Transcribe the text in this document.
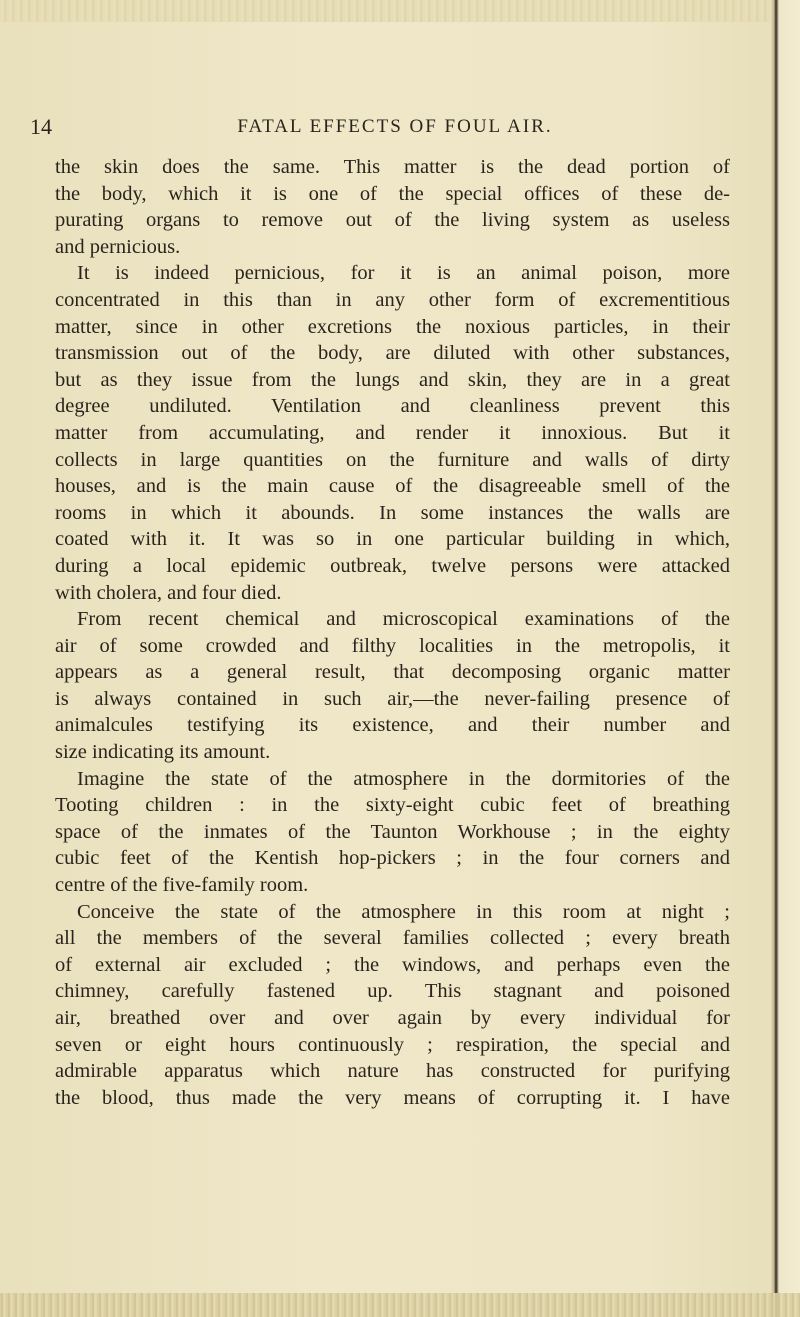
FATAL EFFECTS OF FOUL AIR.
14
the skin does the same. This matter is the dead portion of
the body, which it is one of the special offices of these de-
purating organs to remove out of the living system as useless
and pernicious.
It is indeed pernicious, for it is an animal poison, more
concentrated in this than in any other form of excrementitious
matter, since in other excretions the noxious particles, in their
transmission out of the body, are diluted with other substances,
but as they issue from the lungs and skin, they are in a great
degree undiluted. Ventilation and cleanliness prevent this
matter from accumulating, and render it innoxious. But it
collects in large quantities on the furniture and walls of dirty
houses, and is the main cause of the disagreeable smell of the
rooms in which it abounds. In some instances the walls are
coated with it. It was so in one particular building in which,
during a local epidemic outbreak, twelve persons were attacked
with cholera, and four died.
From recent chemical and microscopical examinations of the
air of some crowded and filthy localities in the metropolis, it
appears as a general result, that decomposing organic matter
is always contained in such air,—the never-failing presence of
animalcules testifying its existence, and their number and
size indicating its amount.
Imagine the state of the atmosphere in the dormitories of the
Tooting children : in the sixty-eight cubic feet of breathing
space of the inmates of the Taunton Workhouse ; in the eighty
cubic feet of the Kentish hop-pickers ; in the four corners and
centre of the five-family room.
Conceive the state of the atmosphere in this room at night ;
all the members of the several families collected ; every breath
of external air excluded ; the windows, and perhaps even the
chimney, carefully fastened up. This stagnant and poisoned
air, breathed over and over again by every individual for
seven or eight hours continuously ; respiration, the special and
admirable apparatus which nature has constructed for purifying
the blood, thus made the very means of corrupting it. I have
